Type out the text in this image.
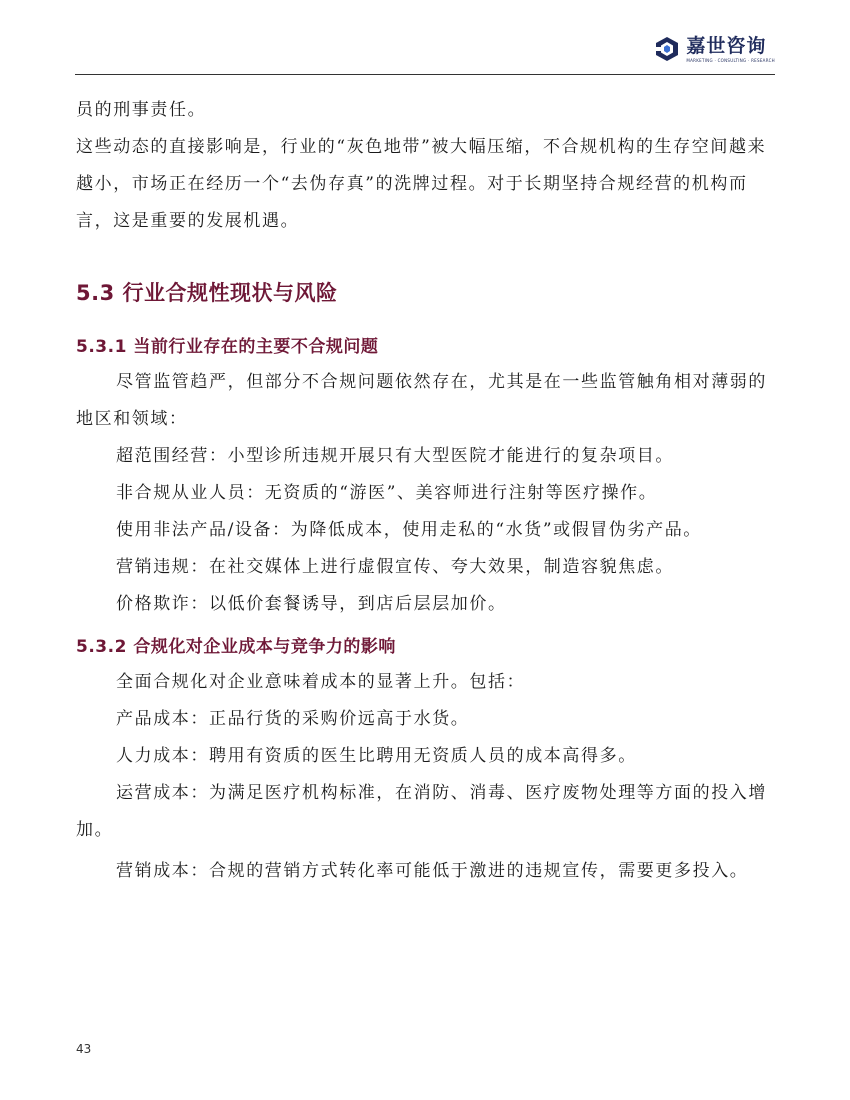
嘉世咨询
MARKETING · CONSULTING · RESEARCH

员的刑事责任。

这些动态的直接影响是，行业的“灰色地带”被大幅压缩，不合规机构的生存空间越来越小，市场正在经历一个“去伪存真”的洗牌过程。对于长期坚持合规经营的机构而言，这是重要的发展机遇。

5.3 行业合规性现状与风险
5.3.1 当前行业存在的主要不合规问题

尽管监管趋严，但部分不合规问题依然存在，尤其是在一些监管触角相对薄弱的地区和领域：

超范围经营：小型诊所违规开展只有大型医院才能进行的复杂项目。

非合规从业人员：无资质的“游医”、美容师进行注射等医疗操作。

使用非法产品/设备：为降低成本，使用走私的“水货”或假冒伪劣产品。

营销违规：在社交媒体上进行虚假宣传、夸大效果，制造容貌焦虑。

价格欺诈：以低价套餐诱导，到店后层层加价。

5.3.2 合规化对企业成本与竞争力的影响

全面合规化对企业意味着成本的显著上升。包括：

产品成本：正品行货的采购价远高于水货。

人力成本：聘用有资质的医生比聘用无资质人员的成本高得多。

运营成本：为满足医疗机构标准，在消防、消毒、医疗废物处理等方面的投入增加。

营销成本：合规的营销方式转化率可能低于激进的违规宣传，需要更多投入。

43
